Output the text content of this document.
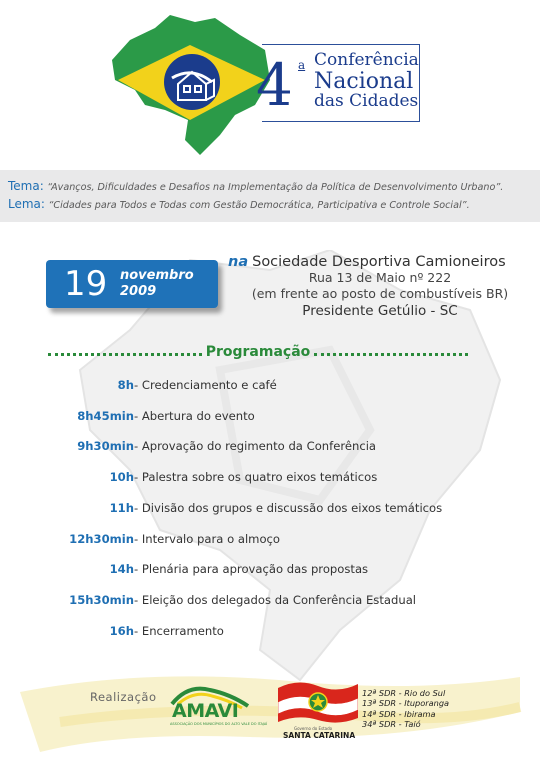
4 a Conferência
Nacional
das Cidades
Tema: “Avanços, Dificuldades e Desafios na Implementação da Política de Desenvolvimento Urbano”.
Lema: “Cidades para Todos e Todas com Gestão Democrática, Participativa e Controle Social”.
19 novembro
2009
na Sociedade Desportiva Camioneiros
Rua 13 de Maio nº 222
(em frente ao posto de combustíveis BR)
Presidente Getúlio - SC
Programação
8h - Credenciamento e café
8h45min - Abertura do evento
9h30min - Aprovação do regimento da Conferência
10h - Palestra sobre os quatro eixos temáticos
11h - Divisão dos grupos e discussão dos eixos temáticos
12h30min - Intervalo para o almoço
14h - Plenária para aprovação das propostas
15h30min - Eleição dos delegados da Conferência Estadual
16h - Encerramento
Realização
AMAVI
ASSOCIAÇÃO DOS MUNICÍPIOS DO ALTO VALE DO ITAJAÍ
Governo do Estado
SANTA CATARINA
12ª SDR - Rio do Sul
13ª SDR - Ituporanga
14ª SDR - Ibirama
34ª SDR - Taió
